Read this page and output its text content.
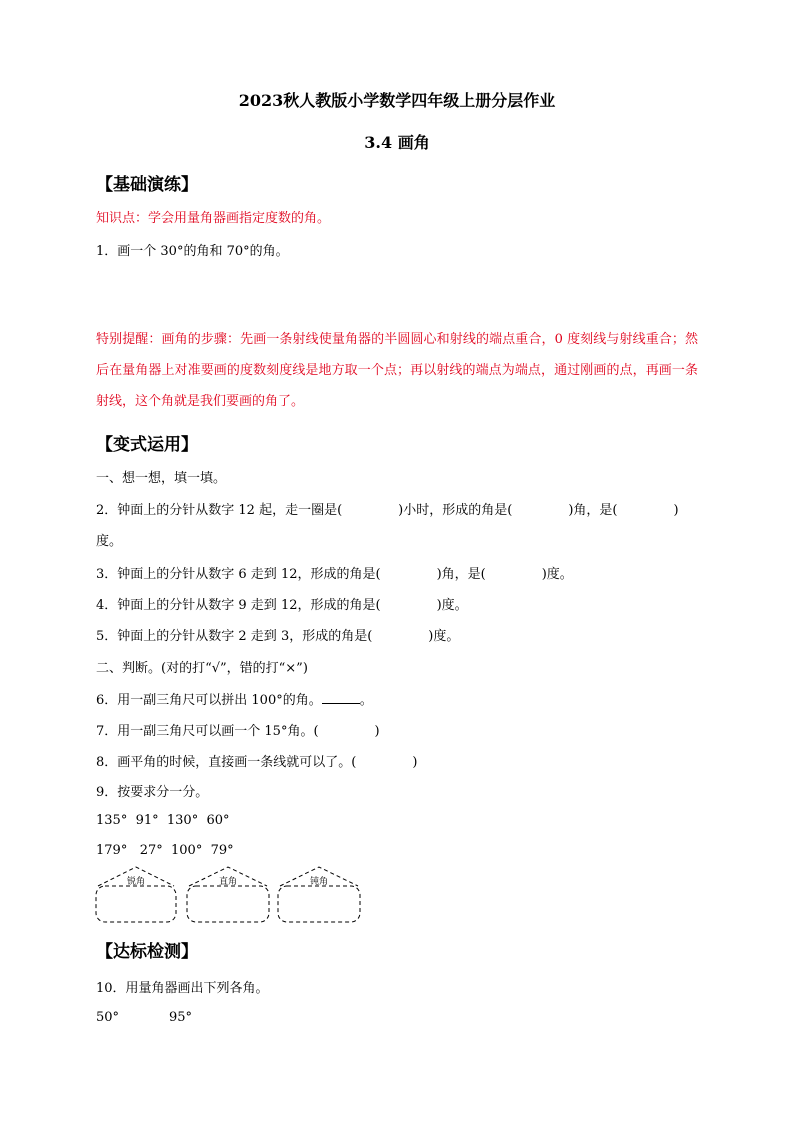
2023秋人教版小学数学四年级上册分层作业
3.4 画角
【基础演练】
知识点：学会用量角器画指定度数的角。
1．画一个 30°的角和 70°的角。
特别提醒：画角的步骤：先画一条射线使量角器的半圆圆心和射线的端点重合，0 度刻线与射线重合；然后在量角器上对准要画的度数刻度线是地方取一个点；再以射线的端点为端点，通过刚画的点，再画一条射线，这个角就是我们要画的角了。
【变式运用】
一、想一想，填一填。
2．钟面上的分针从数字 12 起，走一圈是(	)小时，形成的角是(	)角，是(	)
度。
3．钟面上的分针从数字 6 走到 12，形成的角是(	)角，是(	)度。
4．钟面上的分针从数字 9 走到 12，形成的角是(	)度。
5．钟面上的分针从数字 2 走到 3，形成的角是(	)度。
二、判断。(对的打“√”，错的打“×”)
6．用一副三角尺可以拼出 100°的角。	。
7．用一副三角尺可以画一个 15°角。(	)
8．画平角的时候，直接画一条线就可以了。(	)
9．按要求分一分。
135°  91°  130°  60°
179°   27°  100°  79°
锐角	直角	钝角
【达标检测】
10．用量角器画出下列各角。
50°	95°
